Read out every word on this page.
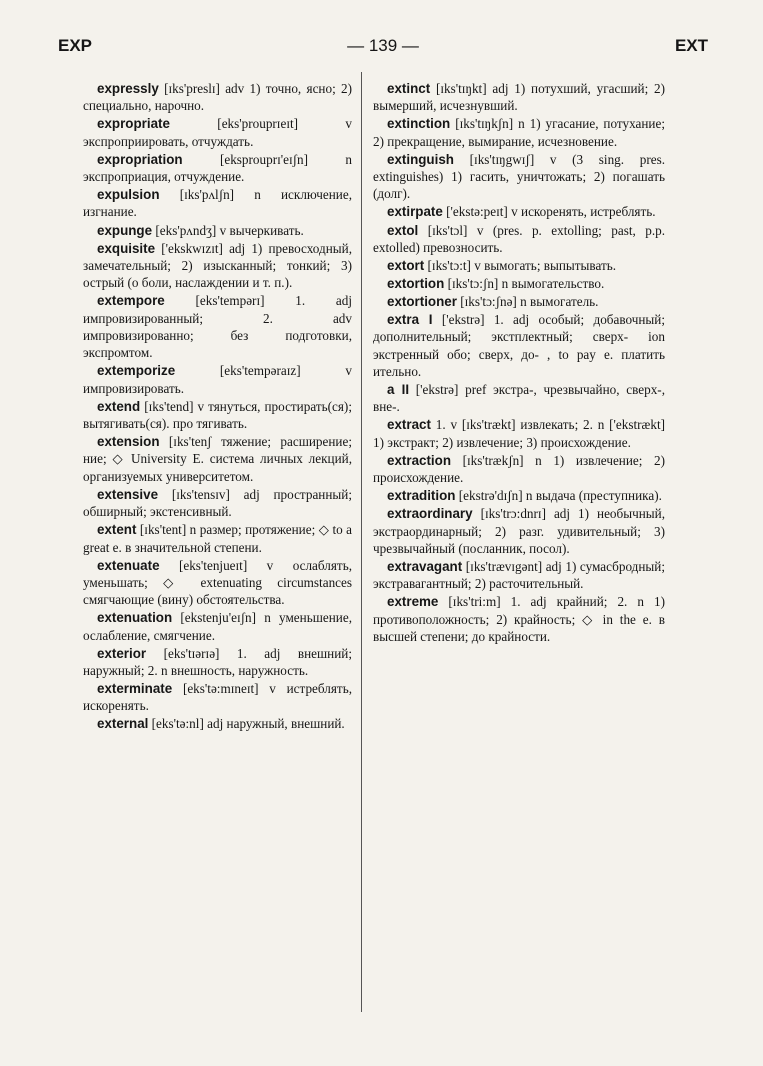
EXP	— 139 —	EXT
expressly [ɪks'preslɪ] adv 1) точно, ясно; 2) специально, нарочно.
expropriate	[eks'prouprɪeɪt] v экспроприировать, отчуждать.
expropriation	[eksprouprɪ'eɪʃn] n экспроприация, отчуждение.
expulsion [ɪks'pʌlʃn] n исключение, изгнание.
expunge [eks'pʌndʒ] v вычеркивать.
exquisite ['ekskwɪzɪt] adj 1) превосходный, замечательный; 2) изысканный; тонкий; 3) острый (о боли, наслаждении и т. п.).
extempore [eks'tempərɪ] 1. adj импровизированный; 2. adv импровизированно; без подготовки, экспромтом.
extemporize	[eks'tempəraɪz] v импровизировать.
extend [ɪks'tend] v тянуться, простирать(ся); вытягивать(ся). про тягивать.
extension [ɪks'tenʃ тяжение; расширение; ние; ◇ University E. система личных лекций, организуемых университетом.
extensive [ɪks'tensɪv] adj пространный; обширный; экстенсивный.
extent [ɪks'tent] n размер; протяжение; ◇ to a great e. в значительной степени.
extenuate [eks'tenjueɪt] v ослаблять, уменьшать; ◇ extenuating circumstances смягчающие (вину) обстоятельства.
extenuation [ekstenju'eɪʃn] n уменьшение, ослабление, смягчение.
exterior [eks'tɪərɪə] 1. adj внешний; наружный; 2. n внешность, наружность.
exterminate [eks'tə:mɪneɪt] v истреблять, искоренять.
external [eks'tə:nl] adj наружный, внешний.
extinct [ɪks'tɪŋkt] adj 1) потухший, угасший; 2) вымерший, исчезнувший.
extinction [ɪks'tɪŋkʃn] n 1) угасание, потухание; 2) прекращение, вымирание, исчезновение.
extinguish [ɪks'tɪŋgwɪʃ] v (3 sing. pres. extinguishes) 1) гасить, уничтожать; 2) погашать (долг).
extirpate ['ekstə:peɪt] v искоренять, истреблять.
extol [ɪks'tɔl] v (pres. p. extolling; past, p.p. extolled) превозносить.
extort [ɪks'tɔ:t] v вымогать; выпытывать.
extortion [ɪks'tɔ:ʃn] n вымогательство.
extortioner [ɪks'tɔ:ʃnə] n вымогатель.
extra I ['ekstrə] 1. adj особый; добавочный; дополнительный; экстплектный; сверх- ion экстренный обо; сверх, до- , to pay e. платить ительно.
a II ['ekstrə] pref экстра-, чрезвычайно, сверх-, вне-.
extract 1. v [ɪks'trækt] извлекать; 2. n ['ekstrækt] 1) экстракт; 2) извлечение; 3) происхождение.
extraction [ɪks'trækʃn] n 1) извлечение; 2) происхождение.
extradition [ekstrə'dɪʃn] n выдача (преступника).
extraordinary [ɪks'trɔ:dnrɪ] adj 1) необычный, экстраординарный; 2) разг. удивительный; 3) чрезвычайный (посланник, посол).
extravagant [ɪks'trævɪgənt] adj 1) сумасбродный; экстравагантный; 2) расточительный.
extreme [ɪks'tri:m] 1. adj крайний; 2. n 1) противоположность; 2) крайность; ◇ in the e. в высшей степени; до крайности.
